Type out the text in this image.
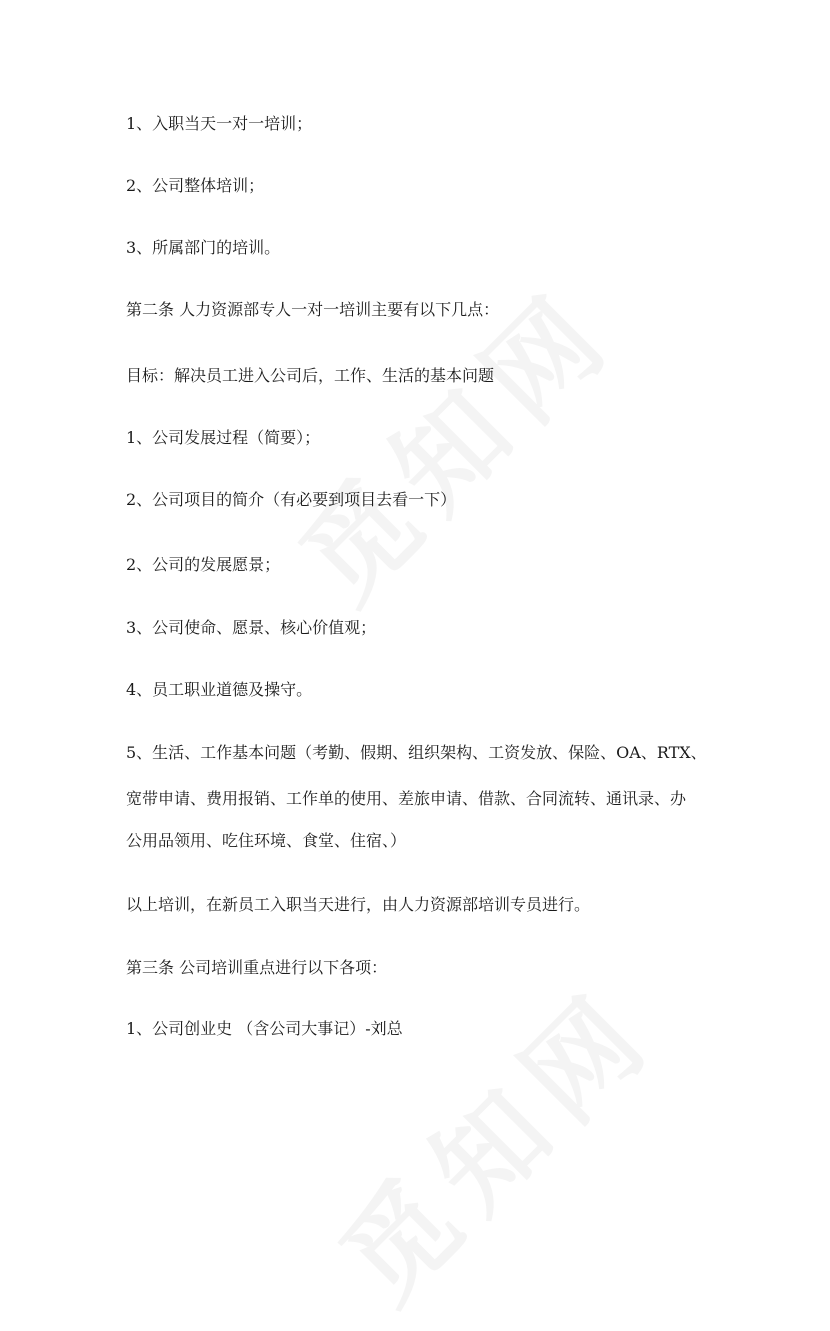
1、入职当天一对一培训；
2、公司整体培训；
3、所属部门的培训。
第二条 人力资源部专人一对一培训主要有以下几点：
目标：解决员工进入公司后，工作、生活的基本问题
1、公司发展过程（简要）；
2、公司项目的简介（有必要到项目去看一下）
2、公司的发展愿景；
3、公司使命、愿景、核心价值观；
4、员工职业道德及操守。
5、生活、工作基本问题（考勤、假期、组织架构、工资发放、保险、OA、RTX、
宽带申请、费用报销、工作单的使用、差旅申请、借款、合同流转、通讯录、办
公用品领用、吃住环境、食堂、住宿、）
以上培训，在新员工入职当天进行，由人力资源部培训专员进行。
第三条 公司培训重点进行以下各项：
1、公司创业史 （含公司大事记）-刘总
